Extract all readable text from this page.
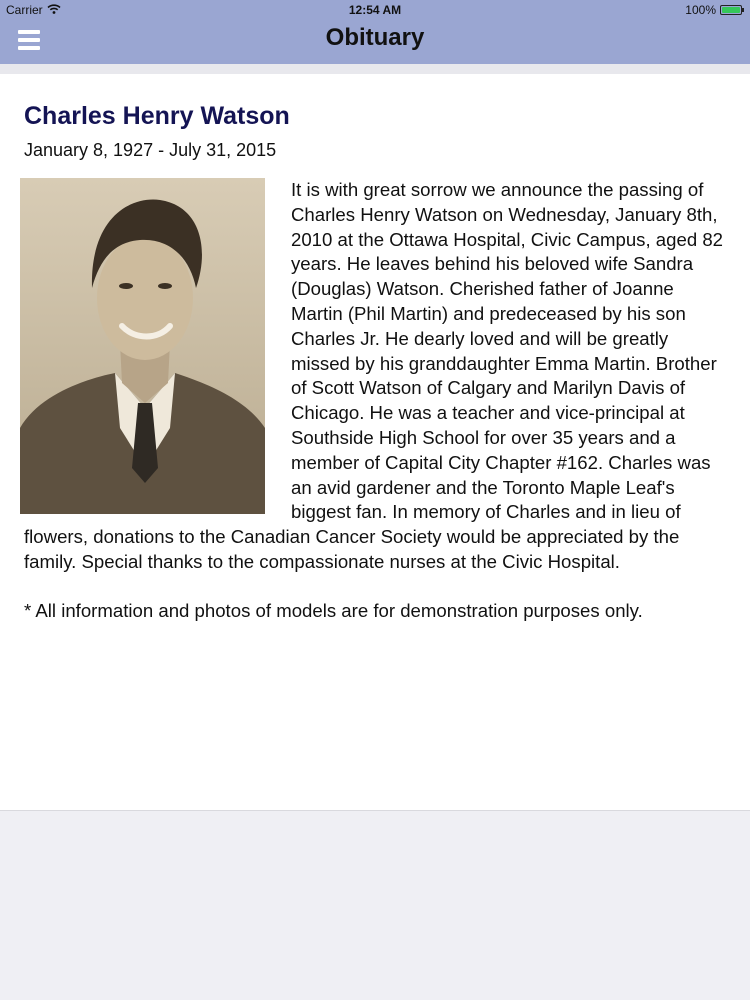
Carrier	12:54 AM	100%
Obituary
Charles Henry Watson
January 8, 1927 - July 31, 2015

It is with great sorrow we announce the passing of Charles Henry Watson on Wednesday, January 8th, 2010 at the Ottawa Hospital, Civic Campus, aged 82 years. He leaves behind his beloved wife Sandra (Douglas) Watson. Cherished father of Joanne Martin (Phil Martin) and predeceased by his son Charles Jr. He dearly loved and will be greatly missed by his granddaughter Emma Martin. Brother of Scott Watson of Calgary and Marilyn Davis of Chicago. He was a teacher and vice-principal at Southside High School for over 35 years and a member of Capital City Chapter #162. Charles was an avid gardener and the Toronto Maple Leaf's biggest fan. In memory of Charles and in lieu of flowers, donations to the Canadian Cancer Society would be appreciated by the family. Special thanks to the compassionate nurses at the Civic Hospital.

* All information and photos of models are for demonstration purposes only.
